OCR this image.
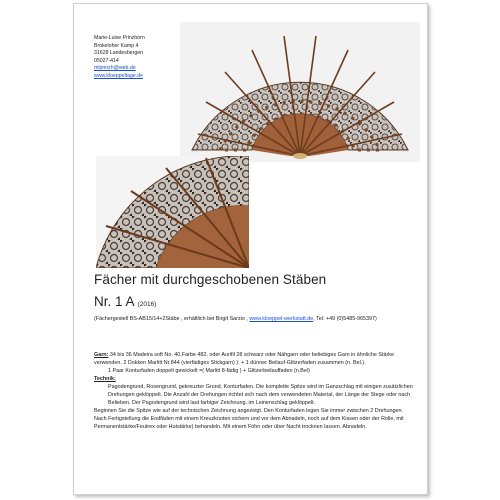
Marie-Luise Prinzhorn
Brokeloher Kamp 4
31628 Landesbergen
05027-414
mlprinzh@web.de
www.kloeppeltage.de
Fächer mit durchgeschobenen Stäben
Nr. 1 A (2016)
(Fächergestell BS-AB15/14+2Stäbe , erhältlich bei Birgit Sarzio , www.kloeppel-werkstatt.de, Tel: +49 (0)5485-965397)

Garn: 34 bis 36 Madeira soft No. 40,Farbe 482, oder Aurifil 28 schwarz oder Nähgarn oder beliebiges Garn in ähnliche Stärke verwenden. 2 Dokken Marlitt Nr.844 (vierfädiges Stickgarn) ): + 1 dünner Beilauf-Glitzerfaden zusammen (n. Bel.).

1 Paar Konturfaden doppelt gewickelt =( Marlitt 8-fädig ) + Glitzerbeilauffaden (n.Bel)

Technik:

Pagodengrund, Rosengrund, gekreuzter Grund, Konturfaden. Die komplette Spitze wird im Ganzschlag mit einigen zusätzlichen Drehungen geklöppelt. Die Anzahl der Drehungen richtet sich nach dem verwendeten Material, der Länge der Stege oder nach Belieben. Der Pagodengrund wird laut farbiger Zeichnung, im Leinenschlag geklöppelt.

Beginnen Sie die Spitze wie auf der technischen Zeichnung angezeigt. Den Konturfaden legen Sie immer zwischen 2 Drehungen.

Nach Fertigstellung die Endfäden mit einem Kreuzknoten sichern und vor dem Abnadeln, noch auf dem Kissen oder der Rolle, mit Permanentstärke/Feutrex oder Hutstärke) behandeln. Mit einem Föhn oder über Nacht trocknen lassen. Abnadeln.
